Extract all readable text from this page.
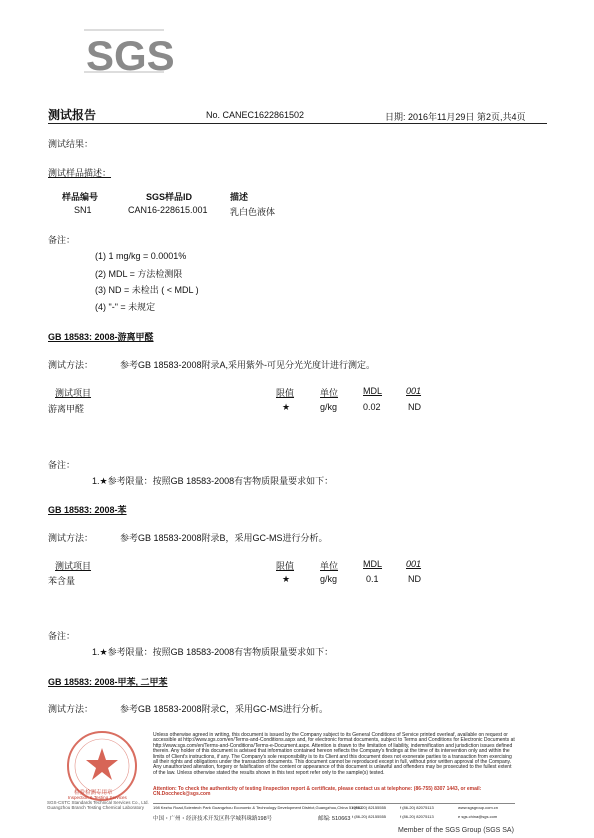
SGS
测试报告	No. CANEC1622861502	日期: 2016年11月29日 第2页,共4页
测试结果：
测试样品描述：
样品编号	SGS样品ID	描述
SN1	CAN16-228615.001 乳白色液体
备注：
(1) 1 mg/kg = 0.0001%
(2) MDL = 方法检测限
(3) ND = 未检出 ( < MDL )
(4) "-" = 未规定
GB 18583: 2008-游离甲醛
测试方法：	参考GB 18583-2008附录A,采用紫外-可见分光光度计进行测定。
测试项目	限值	单位	MDL	001
游离甲醛	★	g/kg	0.02	ND
备注：
1.★参考限量：按照GB 18583-2008有害物质限量要求如下：
GB 18583: 2008-苯
测试方法：	参考GB 18583-2008附录B，采用GC-MS进行分析。
测试项目	限值	单位	MDL	001
苯含量	★	g/kg	0.1	ND
备注：
1.★参考限量：按照GB 18583-2008有害物质限量要求如下：
GB 18583: 2008-甲苯, 二甲苯
测试方法：	参考GB 18583-2008附录C，采用GC-MS进行分析。
检验检测专用章
Inspection & Testing Services
SGS-CSTC Standards Technical Services Co., Ltd. Guangzhou Branch Testing Chemical Laboratory
Unless otherwise agreed in writing, this document is issued by the Company subject to its General Conditions of Service printed overleaf, available on request or accessible at http://www.sgs.com/en/Terms-and-Conditions.aspx and, for electronic format documents, subject to Terms and Conditions for Electronic Documents at http://www.sgs.com/en/Terms-and-Conditions/Terms-e-Document.aspx. Attention is drawn to the limitation of liability, indemnification and jurisdiction issues defined therein. Any holder of this document is advised that information contained hereon reflects the Company's findings at the time of its intervention only and within the limits of Client's instructions, if any. The Company's sole responsibility is to its Client and this document does not exonerate parties to a transaction from exercising all their rights and obligations under the transaction documents. This document cannot be reproduced except in full, without prior written approval of the Company. Any unauthorized alteration, forgery or falsification of the content or appearance of this document is unlawful and offenders may be prosecuted to the fullest extent of the law. Unless otherwise stated the results shown in this test report refer only to the sample(s) tested.
Attention: To check the authenticity of testing /inspection report & certificate, please contact us at telephone: (86-755) 8307 1443, or email: CN.Doccheck@sgs.com
198 Kezhu Road,Scientech Park Guangzhou Economic & Technology Development District,Guangzhou,China 510663
t (86-20) 82155555	f (86-20) 82075113	www.sgsgroup.com.cn
中国・广州・经济技术开发区科学城科珠路198号	邮编: 510663 t (86-20) 82155555	f (86-20) 82075113	e sgs.china@sgs.com
Member of the SGS Group (SGS SA)
